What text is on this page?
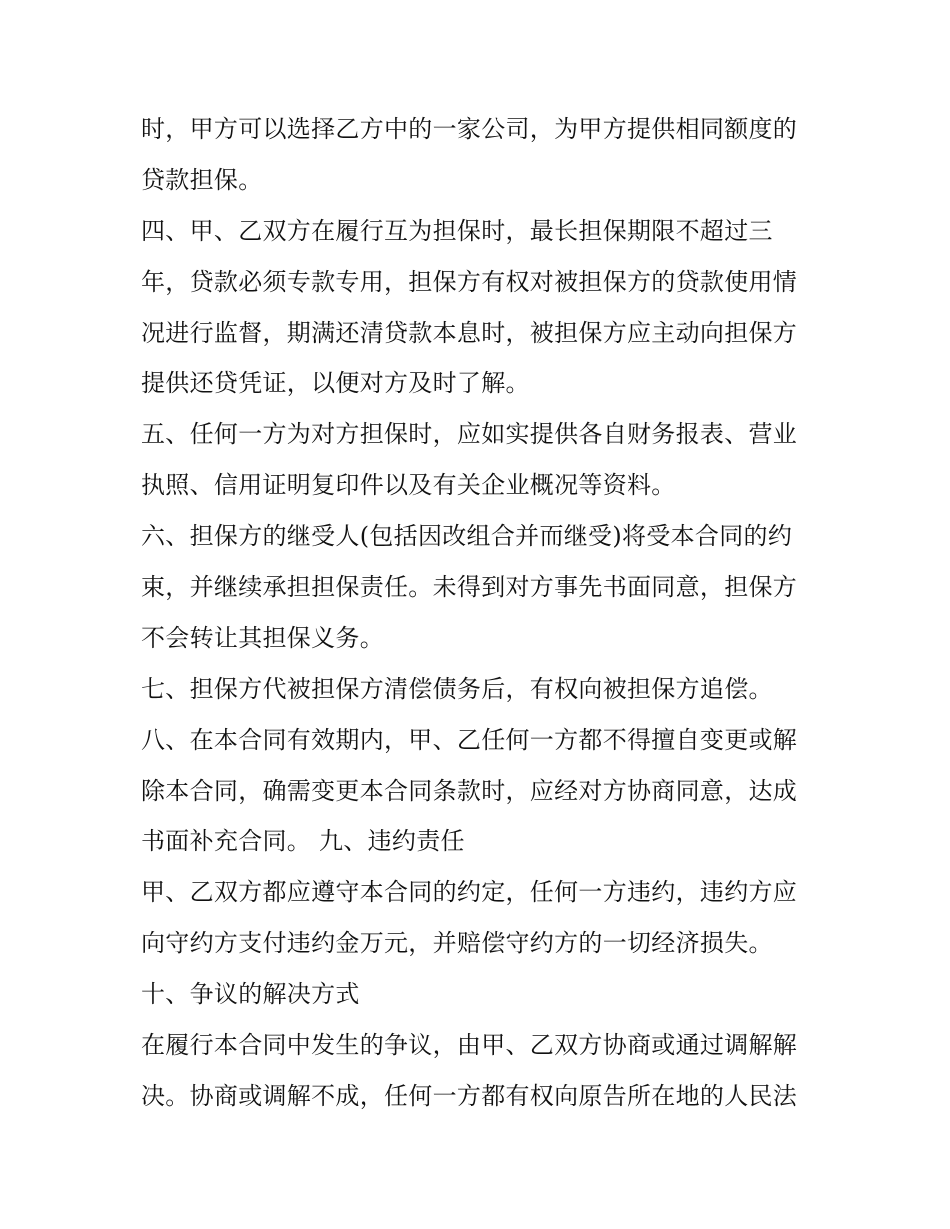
时，甲方可以选择乙方中的一家公司，为甲方提供相同额度的
贷款担保。
四、甲、乙双方在履行互为担保时，最长担保期限不超过三
年，贷款必须专款专用，担保方有权对被担保方的贷款使用情
况进行监督，期满还清贷款本息时，被担保方应主动向担保方
提供还贷凭证，以便对方及时了解。
五、任何一方为对方担保时，应如实提供各自财务报表、营业
执照、信用证明复印件以及有关企业概况等资料。
六、担保方的继受人(包括因改组合并而继受)将受本合同的约
束，并继续承担担保责任。未得到对方事先书面同意，担保方
不会转让其担保义务。
七、担保方代被担保方清偿债务后，有权向被担保方追偿。
八、在本合同有效期内，甲、乙任何一方都不得擅自变更或解
除本合同，确需变更本合同条款时，应经对方协商同意，达成
书面补充合同。 九、违约责任
甲、乙双方都应遵守本合同的约定，任何一方违约，违约方应
向守约方支付违约金万元，并赔偿守约方的一切经济损失。
十、争议的解决方式
在履行本合同中发生的争议，由甲、乙双方协商或通过调解解
决。协商或调解不成，任何一方都有权向原告所在地的人民法
